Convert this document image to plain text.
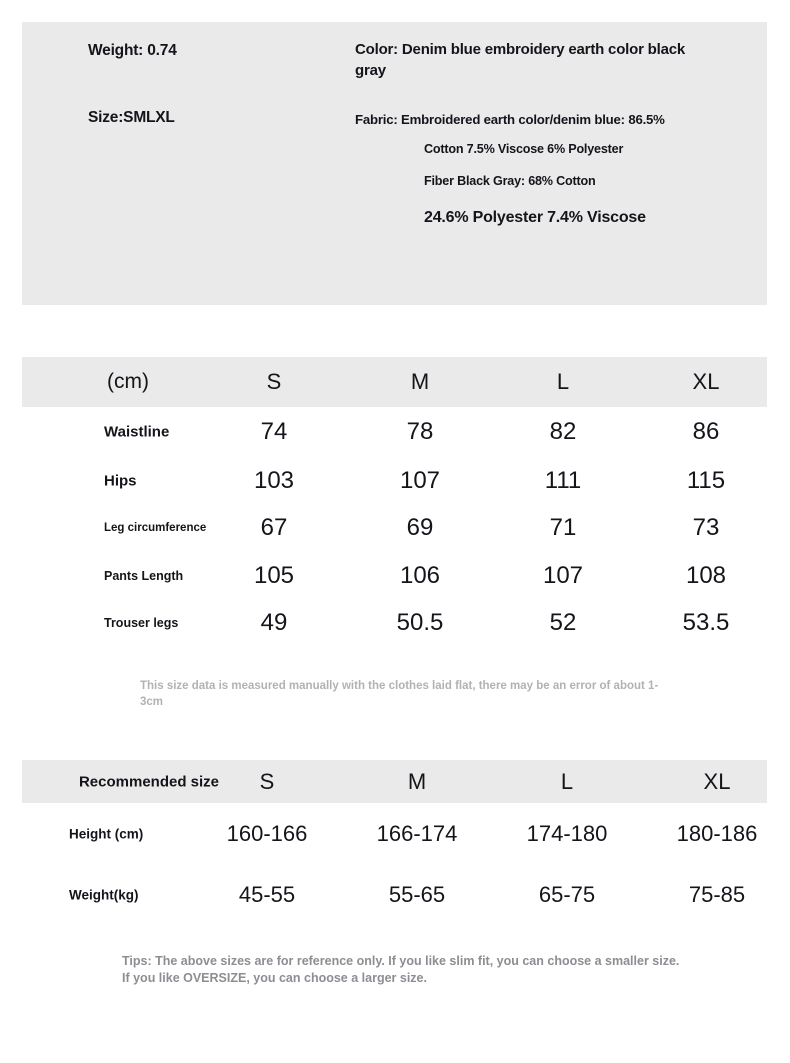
Weight: 0.74
Size:SMLXL
Color: Denim blue embroidery earth color black gray
Fabric: Embroidered earth color/denim blue: 86.5%
Cotton 7.5% Viscose 6% Polyester
Fiber Black Gray: 68% Cotton
24.6% Polyester 7.4% Viscose
(cm)	S	M	L	XL
Waistline	74	78	82	86
Hips	103	107	111	115
Leg circumference	67	69	71	73
Pants Length	105	106	107	108
Trouser legs	49	50.5	52	53.5
This size data is measured manually with the clothes laid flat, there may be an error of about 1-3cm
Recommended size S	M	L	XL
Height (cm)	160-166	166-174	174-180	180-186
Weight(kg)	45-55	55-65	65-75	75-85
Tips: The above sizes are for reference only. If you like slim fit, you can choose a smaller size. If you like OVERSIZE, you can choose a larger size.
